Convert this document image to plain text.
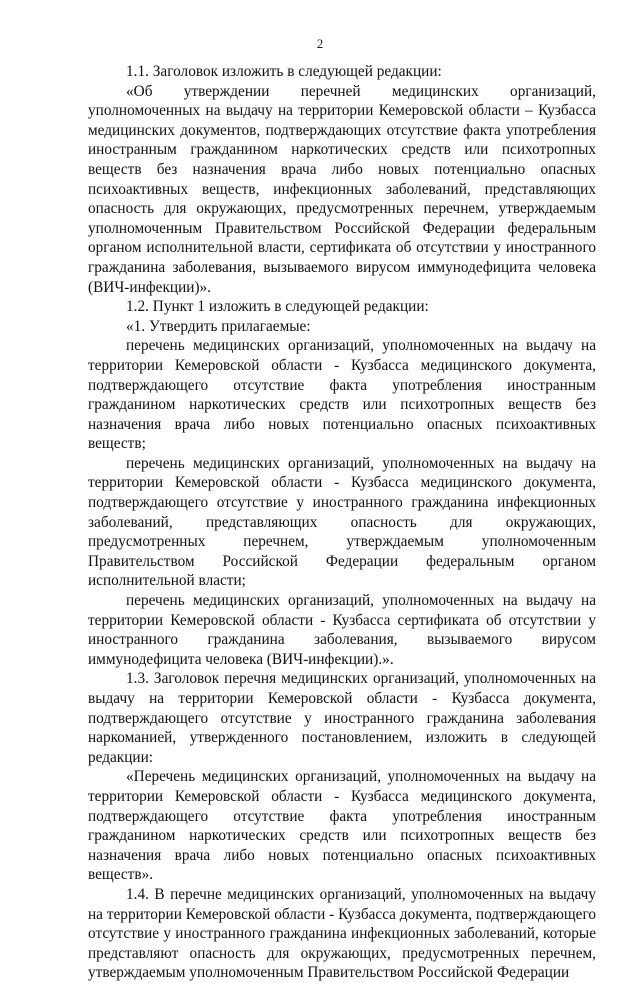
2

1.1. Заголовок изложить в следующей редакции:

«Об утверждении перечней медицинских организаций, уполномоченных на выдачу на территории Кемеровской области – Кузбасса медицинских документов, подтверждающих отсутствие факта употребления иностранным гражданином наркотических средств или психотропных веществ без назначения врача либо новых потенциально опасных психоактивных веществ, инфекционных заболеваний, представляющих опасность для окружающих, предусмотренных перечнем, утверждаемым уполномоченным Правительством Российской Федерации федеральным органом исполнительной власти, сертификата об отсутствии у иностранного гражданина заболевания, вызываемого вирусом иммунодефицита человека (ВИЧ-инфекции)».

1.2. Пункт 1 изложить в следующей редакции:

«1. Утвердить прилагаемые:

перечень медицинских организаций, уполномоченных на выдачу на территории Кемеровской области - Кузбасса медицинского документа, подтверждающего отсутствие факта употребления иностранным гражданином наркотических средств или психотропных веществ без назначения врача либо новых потенциально опасных психоактивных веществ;

перечень медицинских организаций, уполномоченных на выдачу на территории Кемеровской области - Кузбасса медицинского документа, подтверждающего отсутствие у иностранного гражданина инфекционных заболеваний, представляющих опасность для окружающих, предусмотренных перечнем, утверждаемым уполномоченным Правительством Российской Федерации федеральным органом исполнительной власти;

перечень медицинских организаций, уполномоченных на выдачу на территории Кемеровской области - Кузбасса сертификата об отсутствии у иностранного гражданина заболевания, вызываемого вирусом иммунодефицита человека (ВИЧ-инфекции).».

1.3. Заголовок перечня медицинских организаций, уполномоченных на выдачу на территории Кемеровской области - Кузбасса документа, подтверждающего отсутствие у иностранного гражданина заболевания наркоманией, утвержденного постановлением, изложить в следующей редакции:

«Перечень медицинских организаций, уполномоченных на выдачу на территории Кемеровской области - Кузбасса медицинского документа, подтверждающего отсутствие факта употребления иностранным гражданином наркотических средств или психотропных веществ без назначения врача либо новых потенциально опасных психоактивных веществ».

1.4. В перечне медицинских организаций, уполномоченных на выдачу на территории Кемеровской области - Кузбасса документа, подтверждающего отсутствие у иностранного гражданина инфекционных заболеваний, которые представляют опасность для окружающих, предусмотренных перечнем, утверждаемым уполномоченным Правительством Российской Федерации
